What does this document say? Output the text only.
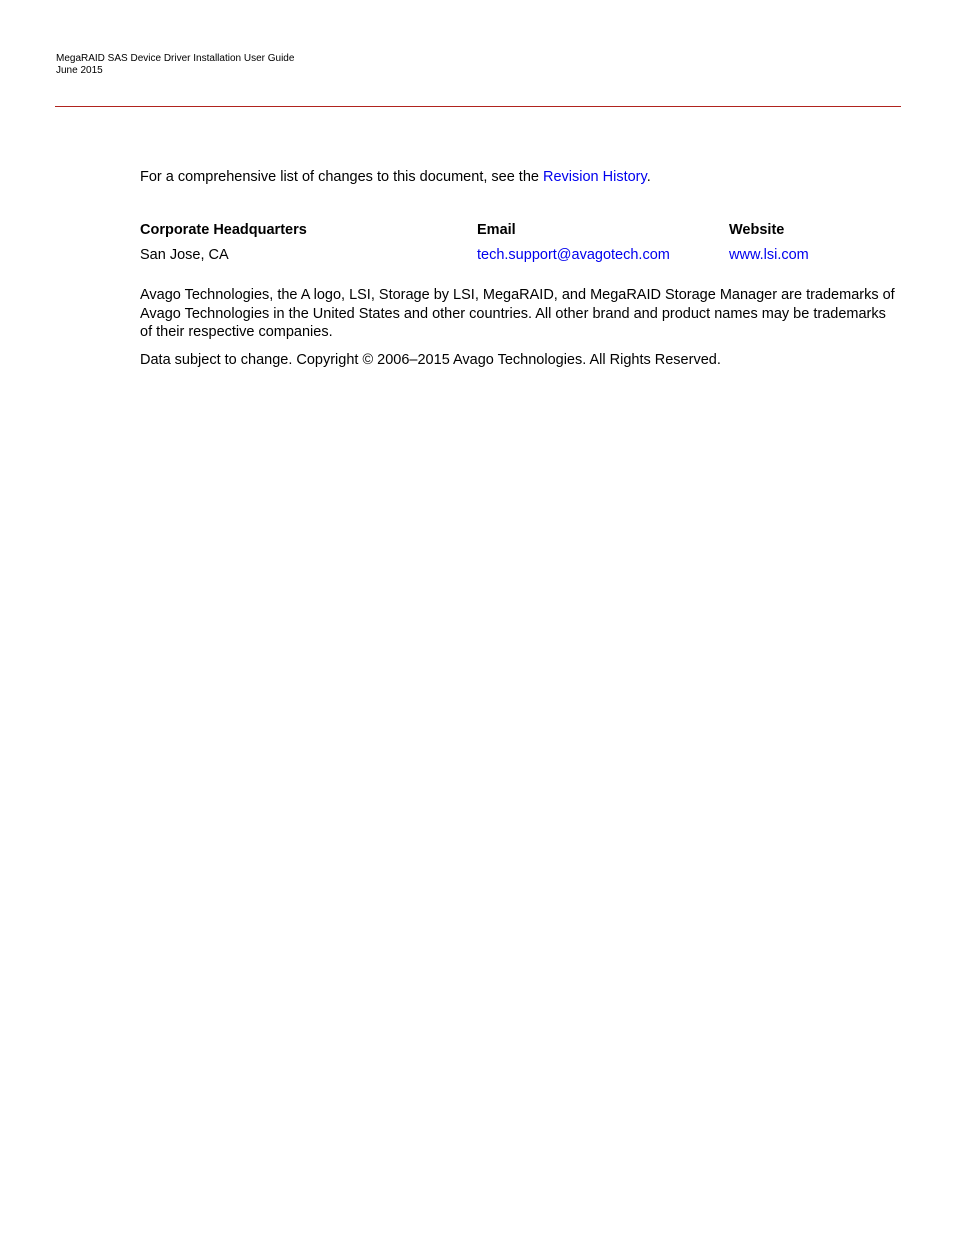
MegaRAID SAS Device Driver Installation User Guide
June 2015

For a comprehensive list of changes to this document, see the Revision History.

Corporate Headquarters
San Jose, CA
Email
tech.support@avagotech.com
Website
www.lsi.com

Avago Technologies, the A logo, LSI, Storage by LSI, MegaRAID, and MegaRAID Storage Manager are trademarks of Avago Technologies in the United States and other countries. All other brand and product names may be trademarks of their respective companies.

Data subject to change. Copyright © 2006–2015 Avago Technologies. All Rights Reserved.
